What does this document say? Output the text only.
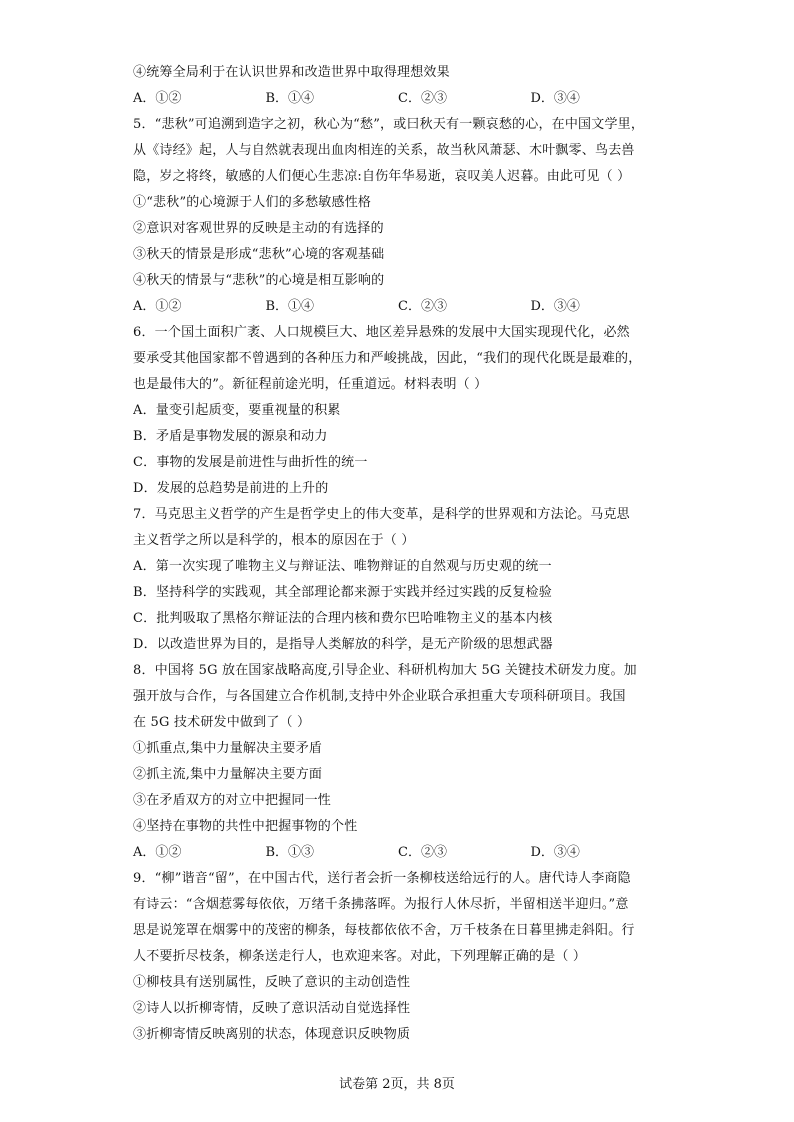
④统筹全局利于在认识世界和改造世界中取得理想效果
A．①②	B．①④	C．②③	D．③④
5．“悲秋”可追溯到造字之初，秋心为“愁”，或曰秋天有一颗哀愁的心，在中国文学里，
从《诗经》起，人与自然就表现出血肉相连的关系，故当秋风萧瑟、木叶飘零、鸟去兽
隐，岁之将终，敏感的人们便心生悲凉:自伤年华易逝，哀叹美人迟暮。由此可见（ ）
①“悲秋”的心境源于人们的多愁敏感性格
②意识对客观世界的反映是主动的有选择的
③秋天的情景是形成“悲秋”心境的客观基础
④秋天的情景与“悲秋”的心境是相互影响的
A．①②	B．①④	C．②③	D．③④
6．一个国土面积广袤、人口规模巨大、地区差异悬殊的发展中大国实现现代化，必然
要承受其他国家都不曾遇到的各种压力和严峻挑战，因此，“我们的现代化既是最难的，
也是最伟大的”。新征程前途光明，任重道远。材料表明（ ）
A．量变引起质变，要重视量的积累
B．矛盾是事物发展的源泉和动力
C．事物的发展是前进性与曲折性的统一
D．发展的总趋势是前进的上升的
7．马克思主义哲学的产生是哲学史上的伟大变革，是科学的世界观和方法论。马克思
主义哲学之所以是科学的，根本的原因在于（ ）
A．第一次实现了唯物主义与辩证法、唯物辩证的自然观与历史观的统一
B．坚持科学的实践观，其全部理论都来源于实践并经过实践的反复检验
C．批判吸取了黑格尔辩证法的合理内核和费尔巴哈唯物主义的基本内核
D．以改造世界为目的，是指导人类解放的科学，是无产阶级的思想武器
8．中国将 5G 放在国家战略高度,引导企业、科研机构加大 5G 关键技术研发力度。加
强开放与合作，与各国建立合作机制,支持中外企业联合承担重大专项科研项目。我国
在 5G 技术研发中做到了（ ）
①抓重点,集中力量解决主要矛盾
②抓主流,集中力量解决主要方面
③在矛盾双方的对立中把握同一性
④坚持在事物的共性中把握事物的个性
A．①②	B．①③	C．②③	D．③④
9．“柳”谐音“留”，在中国古代，送行者会折一条柳枝送给远行的人。唐代诗人李商隐
有诗云：“含烟惹雾每依依，万绪千条拂落晖。为报行人休尽折，半留相送半迎归。”意
思是说笼罩在烟雾中的茂密的柳条，每枝都依依不舍，万千枝条在日暮里拂走斜阳。行
人不要折尽枝条，柳条送走行人，也欢迎来客。对此，下列理解正确的是（ ）
①柳枝具有送别属性，反映了意识的主动创造性
②诗人以折柳寄情，反映了意识活动自觉选择性
③折柳寄情反映离别的状态，体现意识反映物质
试卷第 2页，共 8页
